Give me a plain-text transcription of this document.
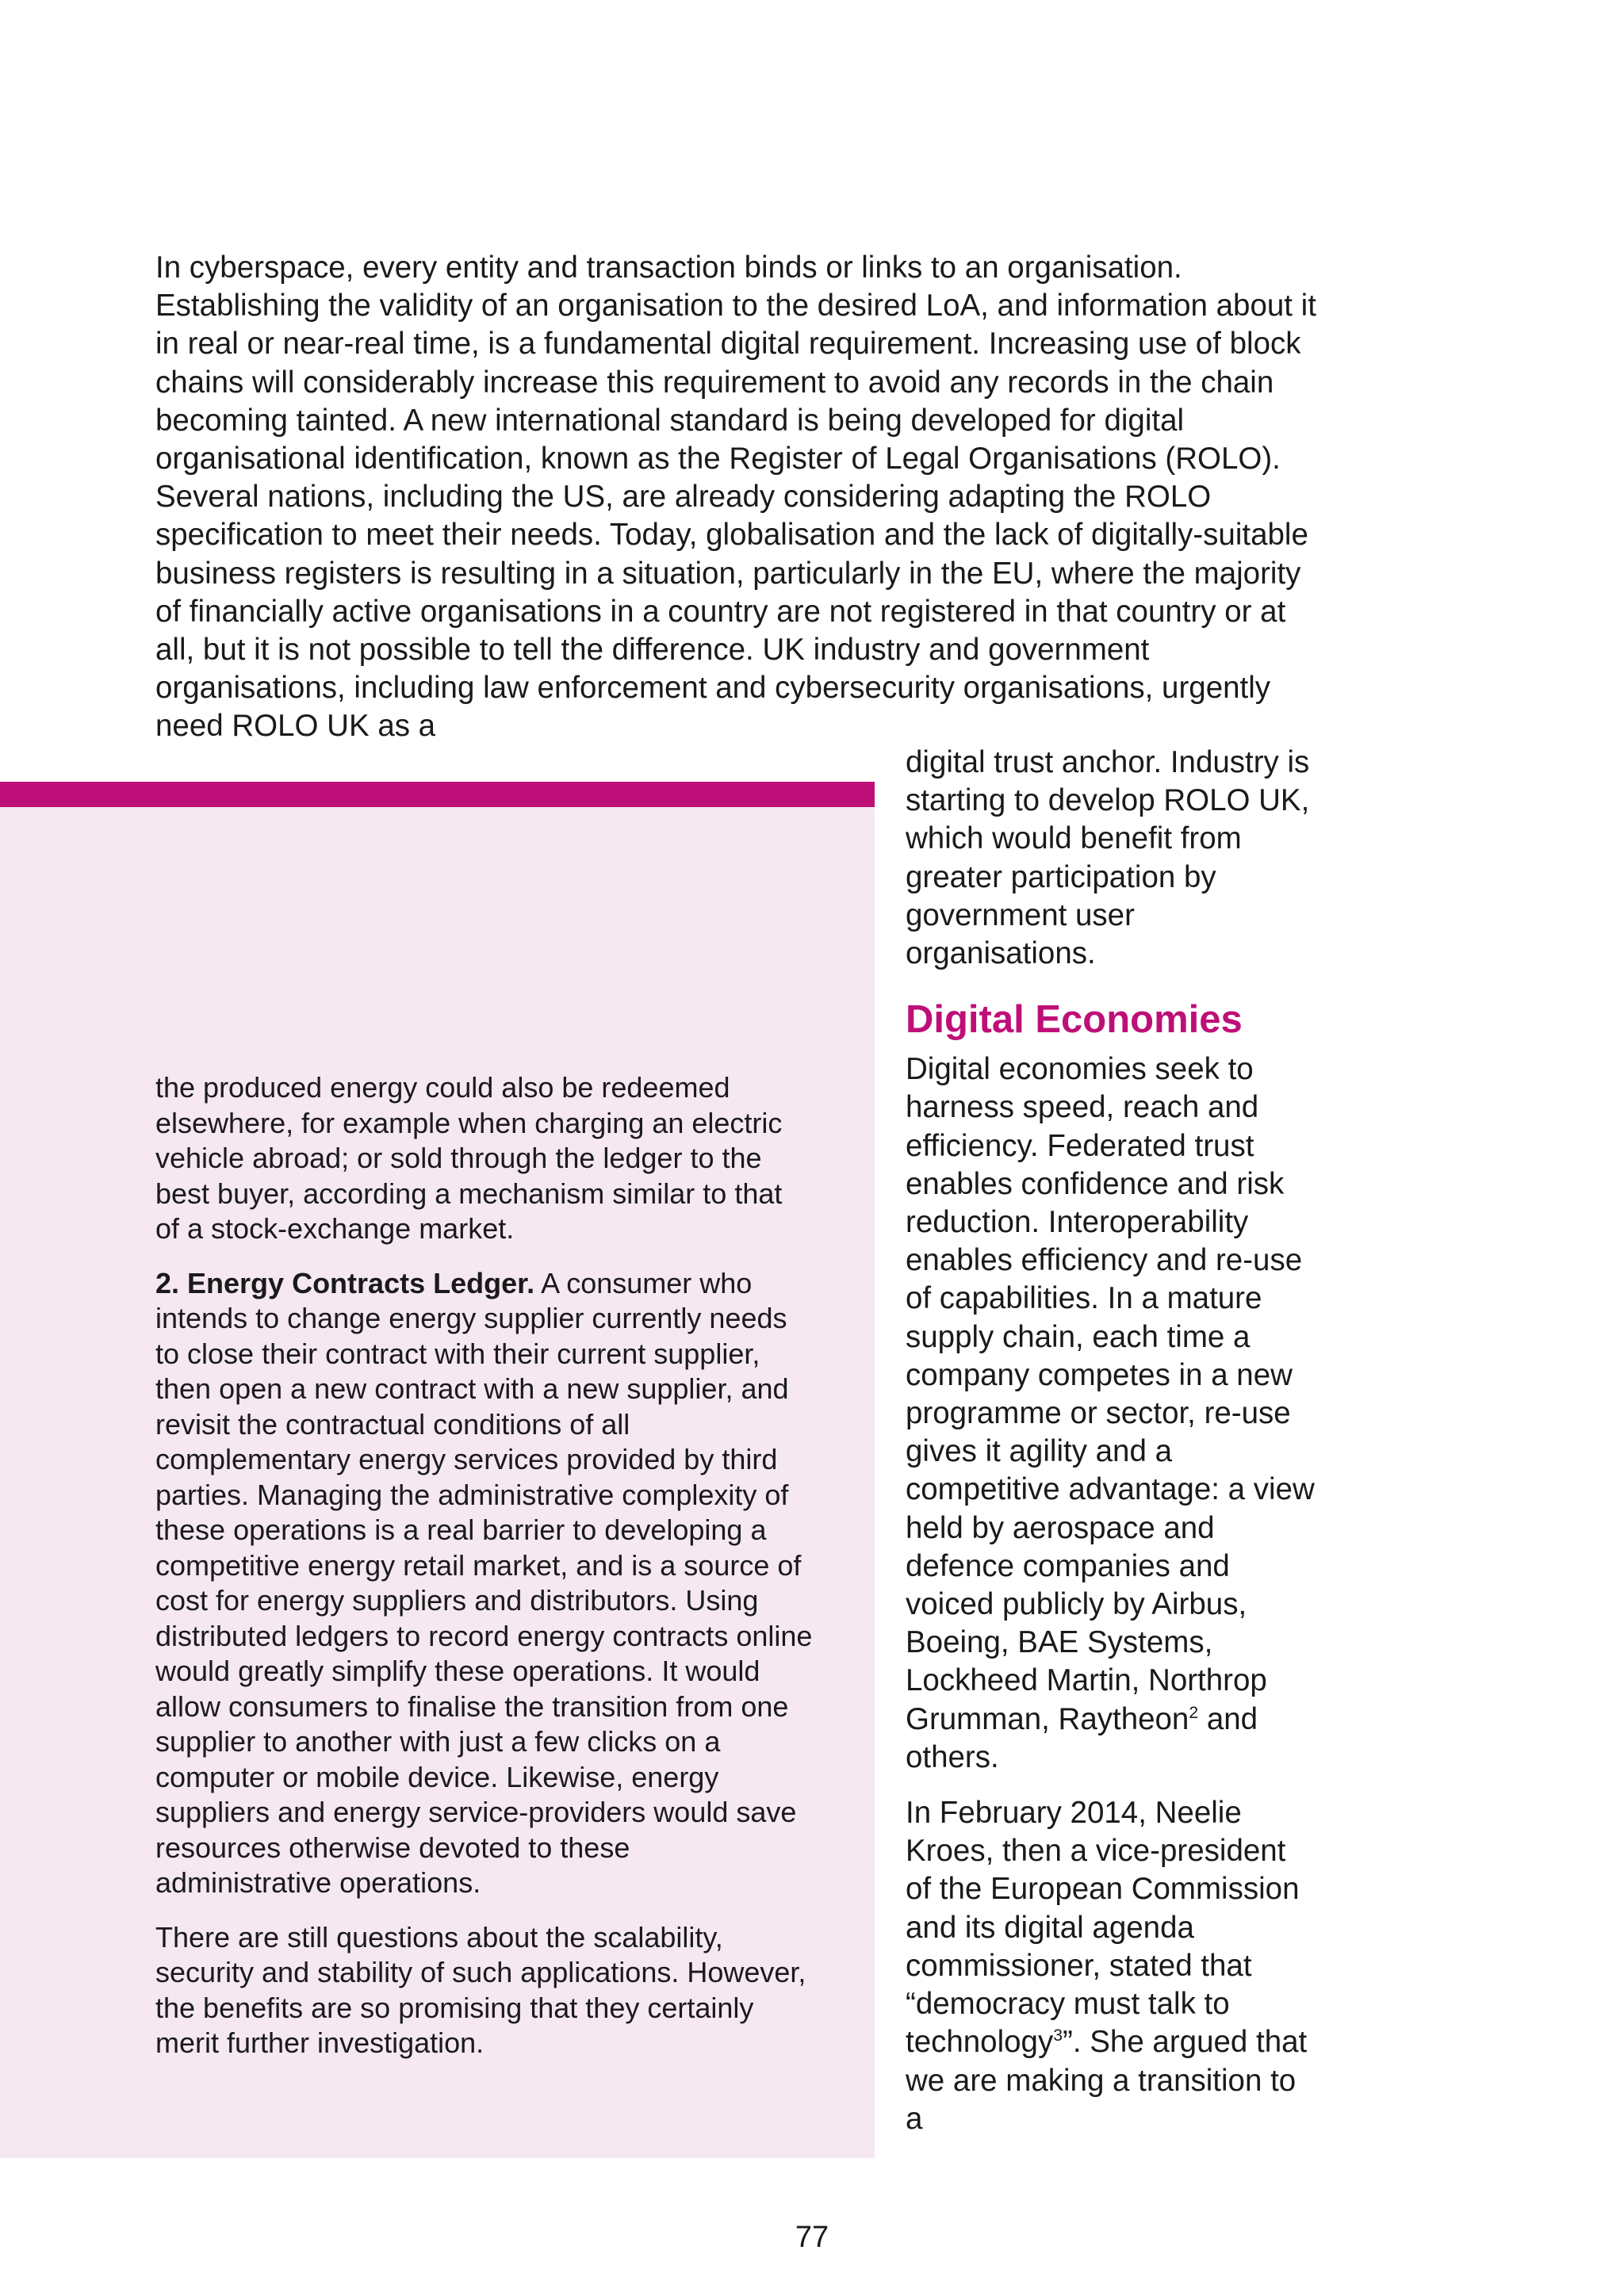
In cyberspace, every entity and transaction binds or links to an organisation. Establishing the validity of an organisation to the desired LoA, and information about it in real or near-real time, is a fundamental digital requirement. Increasing use of block chains will considerably increase this requirement to avoid any records in the chain becoming tainted. A new international standard is being developed for digital organisational identification, known as the Register of Legal Organisations (ROLO). Several nations, including the US, are already considering adapting the ROLO specification to meet their needs. Today, globalisation and the lack of digitally-suitable business registers is resulting in a situation, particularly in the EU, where the majority of financially active organisations in a country are not registered in that country or at all, but it is not possible to tell the difference. UK industry and government organisations, including law enforcement and cybersecurity organisations, urgently need ROLO UK as a

the produced energy could also be redeemed elsewhere, for example when charging an electric vehicle abroad; or sold through the ledger to the best buyer, according a mechanism similar to that of a stock-exchange market.

2. Energy Contracts Ledger. A consumer who intends to change energy supplier currently needs to close their contract with their current supplier, then open a new contract with a new supplier, and revisit the contractual conditions of all complementary energy services provided by third parties. Managing the administrative complexity of these operations is a real barrier to developing a competitive energy retail market, and is a source of cost for energy suppliers and distributors. Using distributed ledgers to record energy contracts online would greatly simplify these operations. It would allow consumers to finalise the transition from one supplier to another with just a few clicks on a computer or mobile device. Likewise, energy suppliers and energy service-providers would save resources otherwise devoted to these administrative operations.

There are still questions about the scalability, security and stability of such applications. However, the benefits are so promising that they certainly merit further investigation.

digital trust anchor. Industry is starting to develop ROLO UK, which would benefit from greater participation by government user organisations.

Digital Economies

Digital economies seek to harness speed, reach and efficiency. Federated trust enables confidence and risk reduction. Interoperability enables efficiency and re-use of capabilities. In a mature supply chain, each time a company competes in a new programme or sector, re-use gives it agility and a competitive advantage: a view held by aerospace and defence companies and voiced publicly by Airbus, Boeing, BAE Systems, Lockheed Martin, Northrop Grumman, Raytheon$^2$ and others.

In February 2014, Neelie Kroes, then a vice-president of the European Commission and its digital agenda commissioner, stated that “democracy must talk to technology$^3$”. She argued that we are making a transition to a

77
